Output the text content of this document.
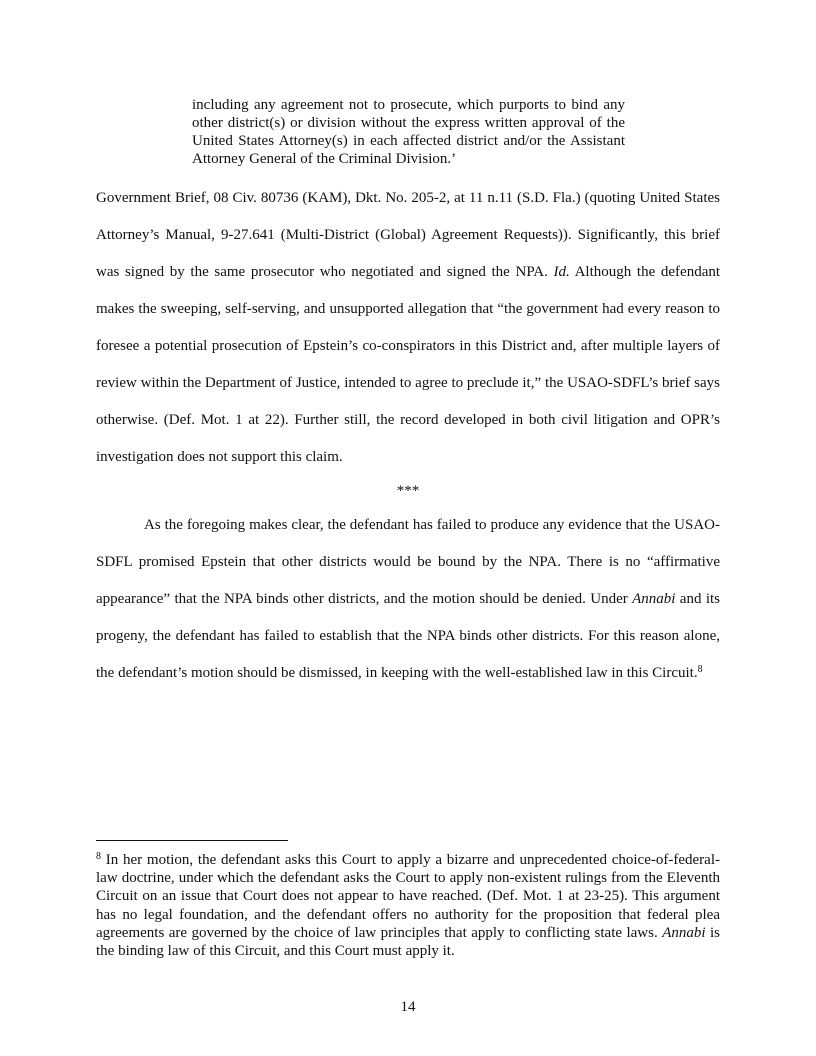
including any agreement not to prosecute, which purports to bind any other district(s) or division without the express written approval of the United States Attorney(s) in each affected district and/or the Assistant Attorney General of the Criminal Division.’

Government Brief, 08 Civ. 80736 (KAM), Dkt. No. 205-2, at 11 n.11 (S.D. Fla.) (quoting United States Attorney’s Manual, 9-27.641 (Multi-District (Global) Agreement Requests)). Significantly, this brief was signed by the same prosecutor who negotiated and signed the NPA. Id. Although the defendant makes the sweeping, self-serving, and unsupported allegation that “the government had every reason to foresee a potential prosecution of Epstein’s co-conspirators in this District and, after multiple layers of review within the Department of Justice, intended to agree to preclude it,” the USAO-SDFL’s brief says otherwise. (Def. Mot. 1 at 22). Further still, the record developed in both civil litigation and OPR’s investigation does not support this claim.

***

As the foregoing makes clear, the defendant has failed to produce any evidence that the USAO-SDFL promised Epstein that other districts would be bound by the NPA. There is no “affirmative appearance” that the NPA binds other districts, and the motion should be denied. Under Annabi and its progeny, the defendant has failed to establish that the NPA binds other districts. For this reason alone, the defendant’s motion should be dismissed, in keeping with the well-established law in this Circuit.$^8$

$^8$ In her motion, the defendant asks this Court to apply a bizarre and unprecedented choice-of-federal-law doctrine, under which the defendant asks the Court to apply non-existent rulings from the Eleventh Circuit on an issue that Court does not appear to have reached. (Def. Mot. 1 at 23-25). This argument has no legal foundation, and the defendant offers no authority for the proposition that federal plea agreements are governed by the choice of law principles that apply to conflicting state laws. Annabi is the binding law of this Circuit, and this Court must apply it.

14
